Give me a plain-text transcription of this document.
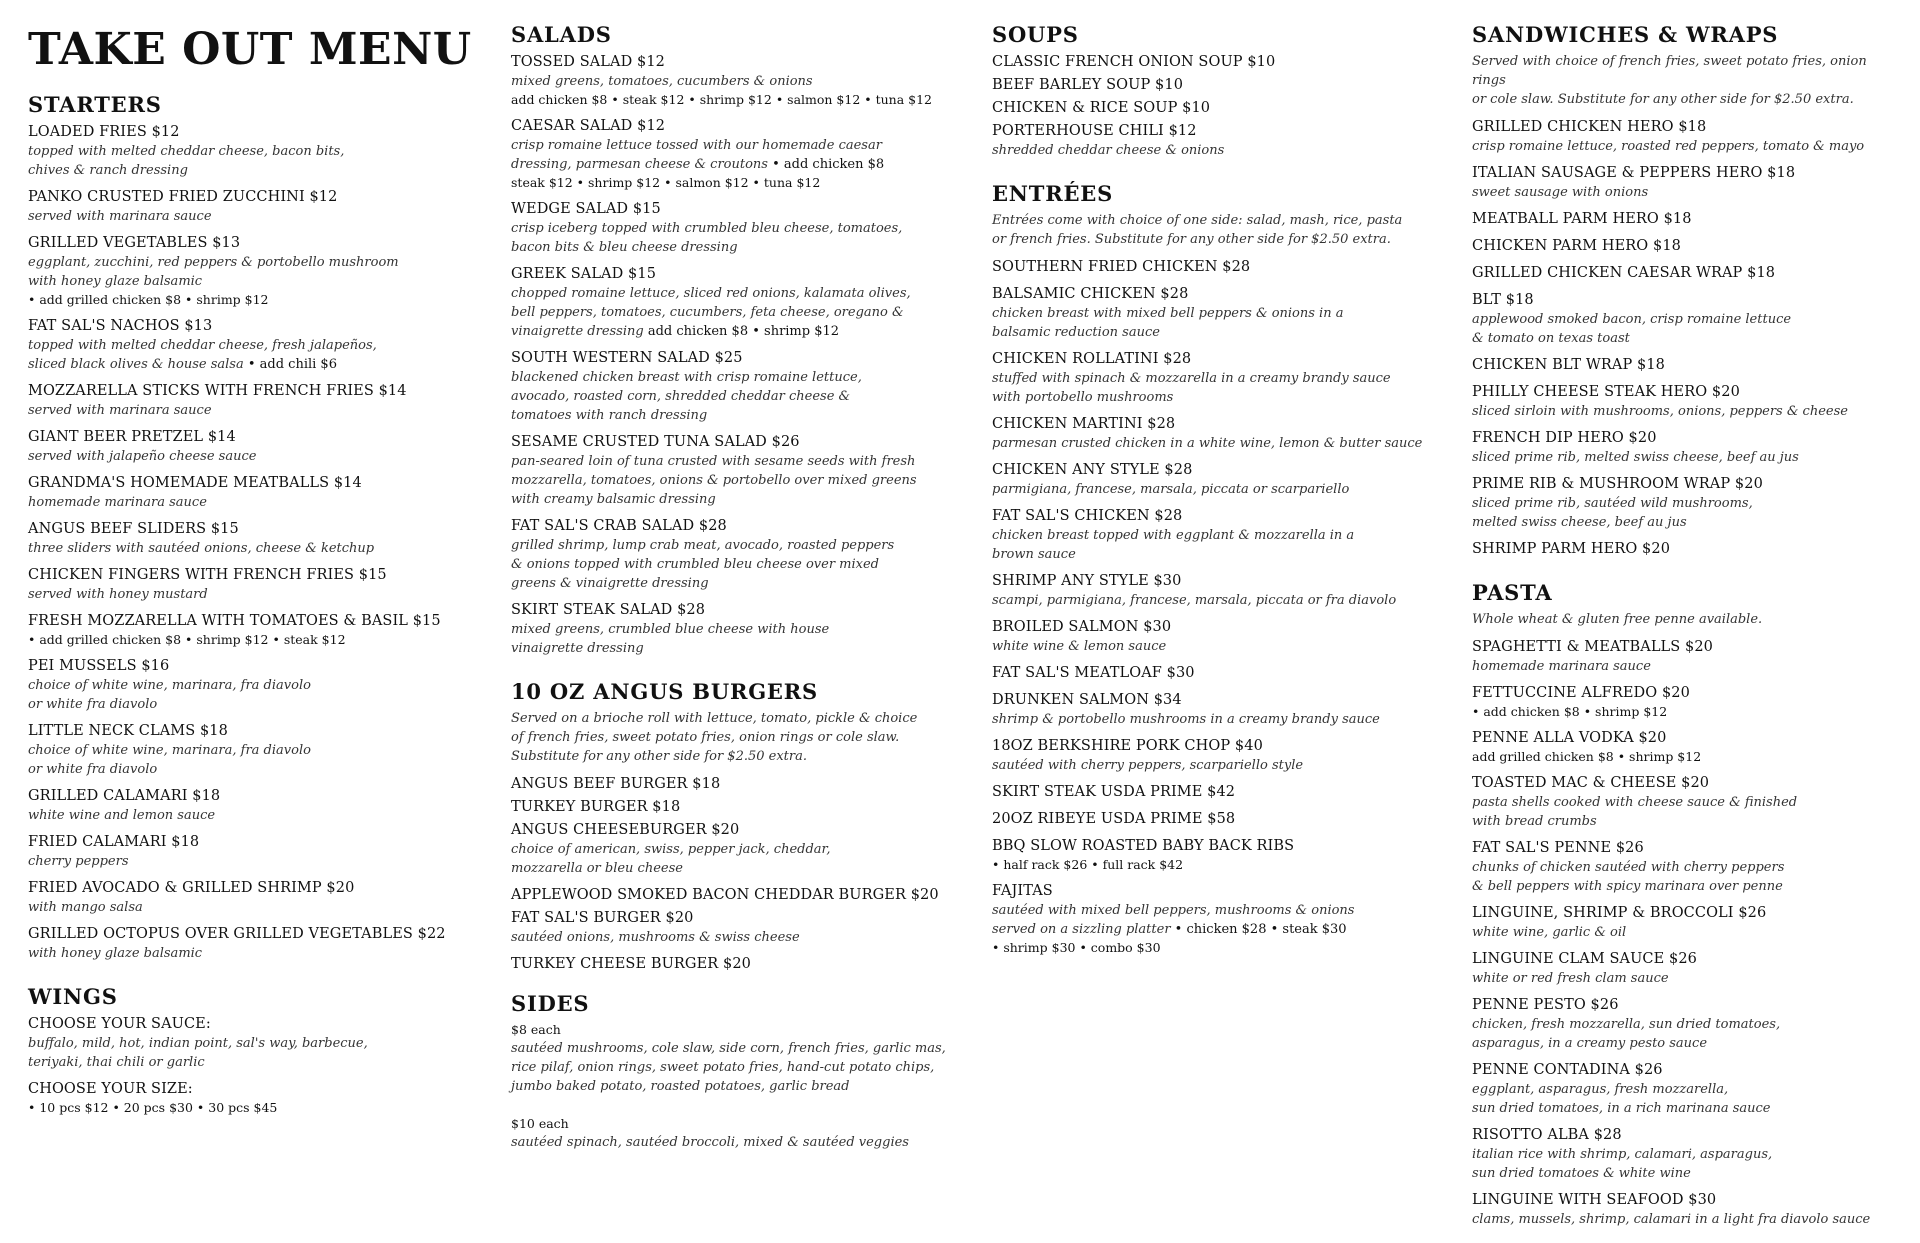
TAKE OUT MENU
STARTERS
LOADED FRIES $12
topped with melted cheddar cheese, bacon bits,
chives & ranch dressing
PANKO CRUSTED FRIED ZUCCHINI $12
served with marinara sauce
GRILLED VEGETABLES $13
eggplant, zucchini, red peppers & portobello mushroom
with honey glaze balsamic
• add grilled chicken $8 • shrimp $12
FAT SAL'S NACHOS $13
topped with melted cheddar cheese, fresh jalapeños,
sliced black olives & house salsa • add chili $6
MOZZARELLA STICKS WITH FRENCH FRIES $14
served with marinara sauce
GIANT BEER PRETZEL $14
served with jalapeño cheese sauce
GRANDMA'S HOMEMADE MEATBALLS $14
homemade marinara sauce
ANGUS BEEF SLIDERS $15
three sliders with sautéed onions, cheese & ketchup
CHICKEN FINGERS WITH FRENCH FRIES $15
served with honey mustard
FRESH MOZZARELLA WITH TOMATOES & BASIL $15
• add grilled chicken $8 • shrimp $12 • steak $12
PEI MUSSELS $16
choice of white wine, marinara, fra diavolo
or white fra diavolo
LITTLE NECK CLAMS $18
choice of white wine, marinara, fra diavolo
or white fra diavolo
GRILLED CALAMARI $18
white wine and lemon sauce
FRIED CALAMARI $18
cherry peppers
FRIED AVOCADO & GRILLED SHRIMP $20
with mango salsa
GRILLED OCTOPUS OVER GRILLED VEGETABLES $22
with honey glaze balsamic
WINGS
CHOOSE YOUR SAUCE:
buffalo, mild, hot, indian point, sal's way, barbecue,
teriyaki, thai chili or garlic
CHOOSE YOUR SIZE:
• 10 pcs $12 • 20 pcs $30 • 30 pcs $45
SALADS
TOSSED SALAD $12
mixed greens, tomatoes, cucumbers & onions
add chicken $8 • steak $12 • shrimp $12 • salmon $12 • tuna $12
CAESAR SALAD $12
crisp romaine lettuce tossed with our homemade caesar
dressing, parmesan cheese & croutons • add chicken $8
steak $12 • shrimp $12 • salmon $12 • tuna $12
WEDGE SALAD $15
crisp iceberg topped with crumbled bleu cheese, tomatoes,
bacon bits & bleu cheese dressing
GREEK SALAD $15
chopped romaine lettuce, sliced red onions, kalamata olives,
bell peppers, tomatoes, cucumbers, feta cheese, oregano &
vinaigrette dressing add chicken $8 • shrimp $12
SOUTH WESTERN SALAD $25
blackened chicken breast with crisp romaine lettuce,
avocado, roasted corn, shredded cheddar cheese &
tomatoes with ranch dressing
SESAME CRUSTED TUNA SALAD $26
pan-seared loin of tuna crusted with sesame seeds with fresh
mozzarella, tomatoes, onions & portobello over mixed greens
with creamy balsamic dressing
FAT SAL'S CRAB SALAD $28
grilled shrimp, lump crab meat, avocado, roasted peppers
& onions topped with crumbled bleu cheese over mixed
greens & vinaigrette dressing
SKIRT STEAK SALAD $28
mixed greens, crumbled blue cheese with house
vinaigrette dressing
10 OZ ANGUS BURGERS
Served on a brioche roll with lettuce, tomato, pickle & choice
of french fries, sweet potato fries, onion rings or cole slaw.
Substitute for any other side for $2.50 extra.
ANGUS BEEF BURGER $18
TURKEY BURGER $18
ANGUS CHEESEBURGER $20
choice of american, swiss, pepper jack, cheddar,
mozzarella or bleu cheese
APPLEWOOD SMOKED BACON CHEDDAR BURGER $20
FAT SAL'S BURGER $20
sautéed onions, mushrooms & swiss cheese
TURKEY CHEESE BURGER $20
SIDES
$8 each
sautéed mushrooms, cole slaw, side corn, french fries, garlic mas,
rice pilaf, onion rings, sweet potato fries, hand-cut potato chips,
jumbo baked potato, roasted potatoes, garlic bread
$10 each
sautéed spinach, sautéed broccoli, mixed & sautéed veggies
SOUPS
CLASSIC FRENCH ONION SOUP $10
BEEF BARLEY SOUP $10
CHICKEN & RICE SOUP $10
PORTERHOUSE CHILI $12
shredded cheddar cheese & onions
ENTRÉES
Entrées come with choice of one side: salad, mash, rice, pasta
or french fries. Substitute for any other side for $2.50 extra.
SOUTHERN FRIED CHICKEN $28
BALSAMIC CHICKEN $28
chicken breast with mixed bell peppers & onions in a
balsamic reduction sauce
CHICKEN ROLLATINI $28
stuffed with spinach & mozzarella in a creamy brandy sauce
with portobello mushrooms
CHICKEN MARTINI $28
parmesan crusted chicken in a white wine, lemon & butter sauce
CHICKEN ANY STYLE $28
parmigiana, francese, marsala, piccata or scarpariello
FAT SAL'S CHICKEN $28
chicken breast topped with eggplant & mozzarella in a
brown sauce
SHRIMP ANY STYLE $30
scampi, parmigiana, francese, marsala, piccata or fra diavolo
BROILED SALMON $30
white wine & lemon sauce
FAT SAL'S MEATLOAF $30
DRUNKEN SALMON $34
shrimp & portobello mushrooms in a creamy brandy sauce
18OZ BERKSHIRE PORK CHOP $40
sautéed with cherry peppers, scarpariello style
SKIRT STEAK USDA PRIME $42
20OZ RIBEYE USDA PRIME $58
BBQ SLOW ROASTED BABY BACK RIBS
• half rack $26 • full rack $42
FAJITAS
sautéed with mixed bell peppers, mushrooms & onions
served on a sizzling platter • chicken $28 • steak $30
• shrimp $30 • combo $30
SANDWICHES & WRAPS
Served with choice of french fries, sweet potato fries, onion rings
or cole slaw. Substitute for any other side for $2.50 extra.
GRILLED CHICKEN HERO $18
crisp romaine lettuce, roasted red peppers, tomato & mayo
ITALIAN SAUSAGE & PEPPERS HERO $18
sweet sausage with onions
MEATBALL PARM HERO $18
CHICKEN PARM HERO $18
GRILLED CHICKEN CAESAR WRAP $18
BLT $18
applewood smoked bacon, crisp romaine lettuce
& tomato on texas toast
CHICKEN BLT WRAP $18
PHILLY CHEESE STEAK HERO $20
sliced sirloin with mushrooms, onions, peppers & cheese
FRENCH DIP HERO $20
sliced prime rib, melted swiss cheese, beef au jus
PRIME RIB & MUSHROOM WRAP $20
sliced prime rib, sautéed wild mushrooms,
melted swiss cheese, beef au jus
SHRIMP PARM HERO $20
PASTA
Whole wheat & gluten free penne available.
SPAGHETTI & MEATBALLS $20
homemade marinara sauce
FETTUCCINE ALFREDO $20
• add chicken $8 • shrimp $12
PENNE ALLA VODKA $20
add grilled chicken $8 • shrimp $12
TOASTED MAC & CHEESE $20
pasta shells cooked with cheese sauce & finished
with bread crumbs
FAT SAL'S PENNE $26
chunks of chicken sautéed with cherry peppers
& bell peppers with spicy marinara over penne
LINGUINE, SHRIMP & BROCCOLI $26
white wine, garlic & oil
LINGUINE CLAM SAUCE $26
white or red fresh clam sauce
PENNE PESTO $26
chicken, fresh mozzarella, sun dried tomatoes,
asparagus, in a creamy pesto sauce
PENNE CONTADINA $26
eggplant, asparagus, fresh mozzarella,
sun dried tomatoes, in a rich marinana sauce
RISOTTO ALBA $28
italian rice with shrimp, calamari, asparagus,
sun dried tomatoes & white wine
LINGUINE WITH SEAFOOD $30
clams, mussels, shrimp, calamari in a light fra diavolo sauce
